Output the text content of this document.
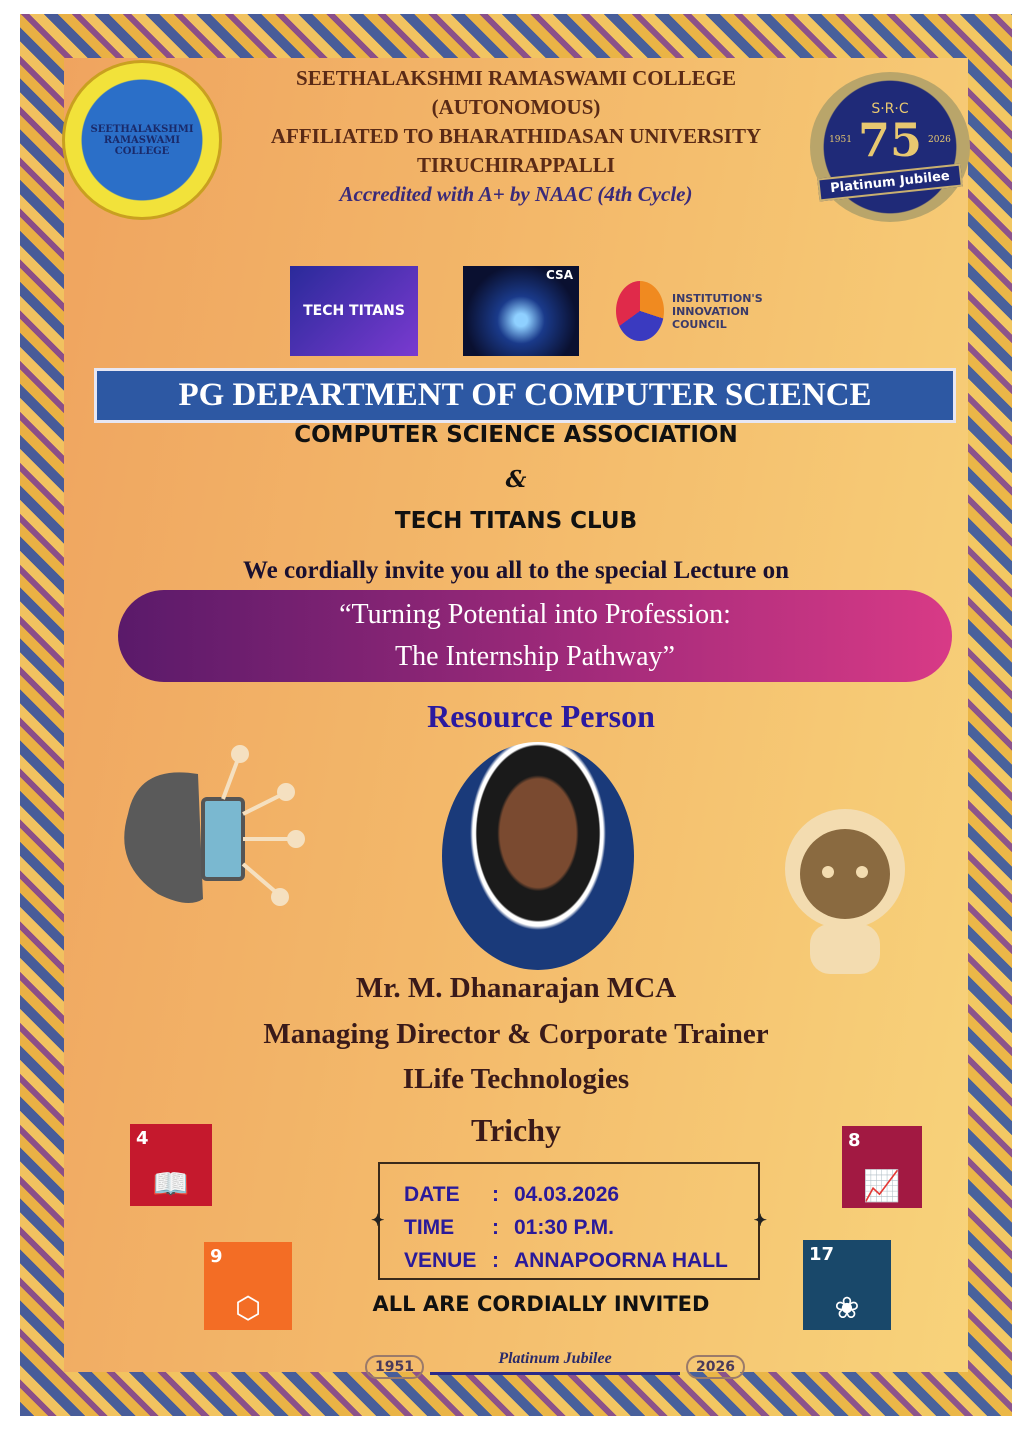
SEETHALAKSHMI RAMASWAMI COLLEGE
S·R·C
1951 75 2026
Platinum Jubilee
SEETHALAKSHMI RAMASWAMI COLLEGE
(AUTONOMOUS)
AFFILIATED TO BHARATHIDASAN UNIVERSITY
TIRUCHIRAPPALLI
Accredited with A+ by NAAC (4th Cycle)
TECH TITANS
CSA
INSTITUTION'S INNOVATION COUNCIL
PG DEPARTMENT OF COMPUTER SCIENCE
COMPUTER SCIENCE ASSOCIATION
&
TECH TITANS CLUB
We cordially invite you all to the special Lecture on
“Turning Potential into Profession:
The Internship Pathway”
Resource Person
Mr. M. Dhanarajan MCA
Managing Director & Corporate Trainer
ILife Technologies
Trichy
4
📖
9
⬡
8
📈
17
❀
✦	✦
DATE	: 04.03.2026
TIME	: 01:30 P.M.
VENUE : ANNAPOORNA HALL
ALL ARE CORDIALLY INVITED
1951	Platinum Jubilee	2026
